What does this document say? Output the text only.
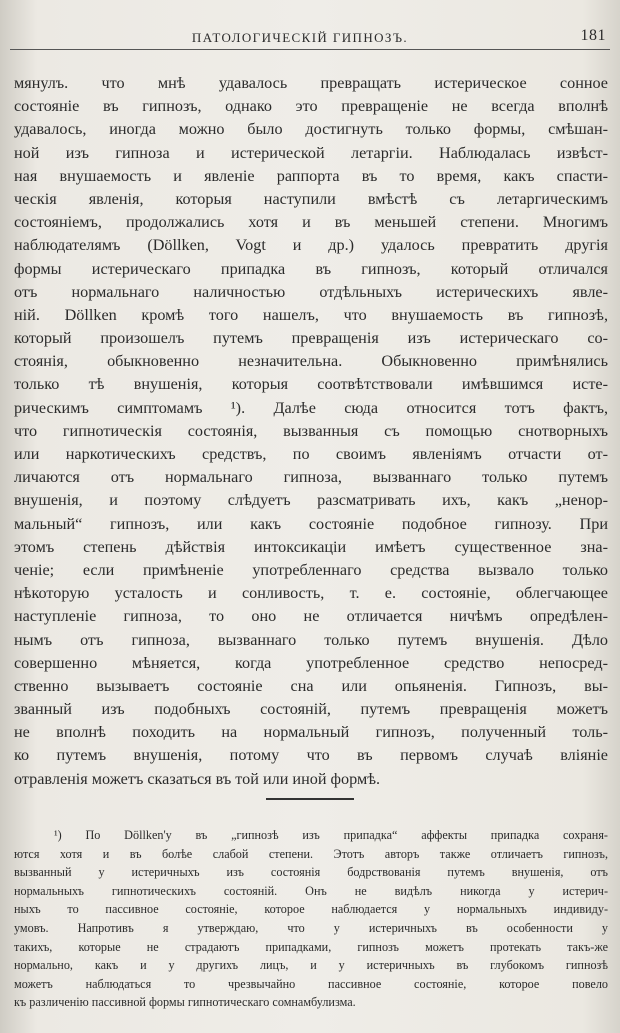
ПАТОЛОГИЧЕСКІЙ ГИПНОЗЪ.	181
мянулъ. что мнѣ удавалось превращать истерическое сонное
состояніе въ гипнозъ, однако это превращеніе не всегда вполнѣ
удавалось, иногда можно было достигнуть только формы, смѣшан-
ной изъ гипноза и истерической летаргіи. Наблюдалась извѣст-
ная внушаемость и явленіе раппорта въ то время, какъ спасти-
ческія явленія, которыя наступили вмѣстѣ съ летаргическимъ
состояніемъ, продолжались хотя и въ меньшей степени. Многимъ
наблюдателямъ (Döllken, Vogt и др.) удалось превратить другія
формы истерическаго припадка въ гипнозъ, который отличался
отъ нормальнаго наличностью отдѣльныхъ истерическихъ явле-
ній. Döllken кромѣ того нашелъ, что внушаемость въ гипнозѣ,
который произошелъ путемъ превращенія изъ истерическаго со-
стоянія, обыкновенно незначительна. Обыкновенно примѣнялись
только тѣ внушенія, которыя соотвѣтствовали имѣвшимся исте-
рическимъ симптомамъ ¹). Далѣе сюда относится тотъ фактъ,
что гипнотическія состоянія, вызванныя съ помощью снотворныхъ
или наркотическихъ средствъ, по своимъ явленіямъ отчасти от-
личаются отъ нормальнаго гипноза, вызваннаго только путемъ
внушенія, и поэтому слѣдуетъ разсматривать ихъ, какъ „ненор-
мальный“ гипнозъ, или какъ состояніе подобное гипнозу. При
этомъ степень дѣйствія интоксикаціи имѣетъ существенное зна-
ченіе; если примѣненіе употребленнаго средства вызвало только
нѣкоторую усталость и сонливость, т. е. состояніе, облегчающее
наступленіе гипноза, то оно не отличается ничѣмъ опредѣлен-
нымъ отъ гипноза, вызваннаго только путемъ внушенія. Дѣло
совершенно мѣняется, когда употребленное средство непосред-
ственно вызываетъ состояніе сна или опьяненія. Гипнозъ, вы-
званный изъ подобныхъ состояній, путемъ превращенія можетъ
не вполнѣ походить на нормальный гипнозъ, полученный толь-
ко путемъ внушенія, потому что въ первомъ случаѣ вліяніе
отравленія можетъ сказаться въ той или иной формѣ.
¹) По Döllken'y въ „гипнозѣ изъ припадка“ аффекты припадка сохраня-
ются хотя и въ болѣе слабой степени. Этотъ авторъ также отличаетъ гипнозъ,
вызванный у истеричныхъ изъ состоянія бодрствованія путемъ внушенія, отъ
нормальныхъ гипнотическихъ состояній. Онъ не видѣлъ никогда у истерич-
ныхъ то пассивное состояніе, которое наблюдается у нормальныхъ индивиду-
умовъ. Напротивъ я утверждаю, что у истеричныхъ въ особенности у
такихъ, которые не страдаютъ припадками, гипнозъ можетъ протекать такъ-же
нормально, какъ и у другихъ лицъ, и у истеричныхъ въ глубокомъ гипнозѣ
можетъ наблюдаться то чрезвычайно пассивное состояніе, которое повело
къ различенію пассивной формы гипнотическаго сомнамбулизма.
